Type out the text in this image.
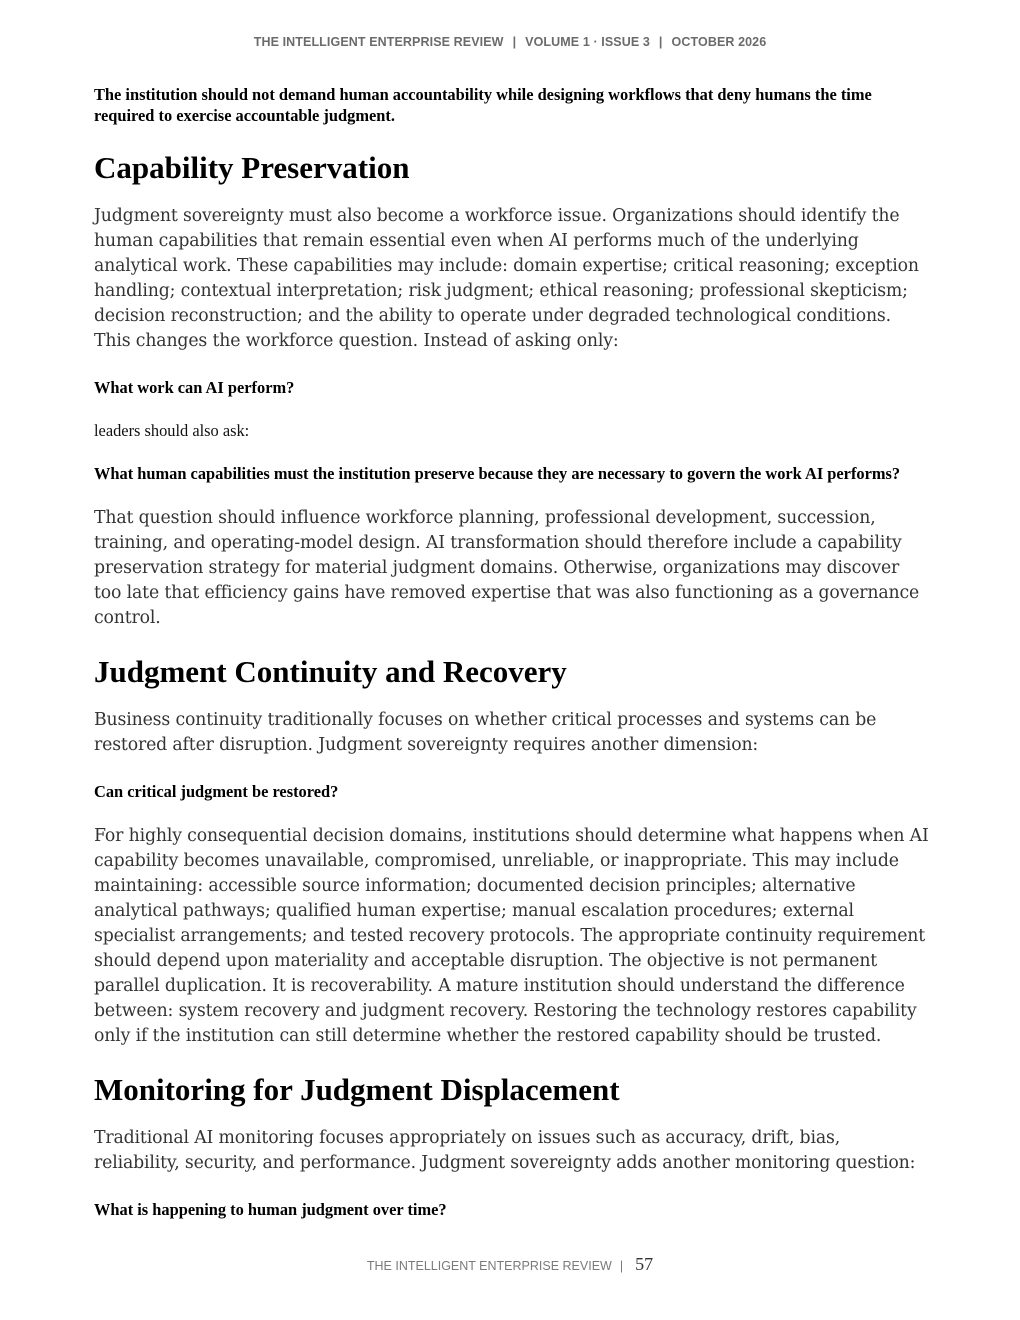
THE INTELLIGENT ENTERPRISE REVIEW | VOLUME 1 · ISSUE 3 | OCTOBER 2026

The institution should not demand human accountability while designing workflows that deny humans the time required to exercise accountable judgment.

Capability Preservation

Judgment sovereignty must also become a workforce issue. Organizations should identify the human capabilities that remain essential even when AI performs much of the underlying analytical work. These capabilities may include: domain expertise; critical reasoning; exception handling; contextual interpretation; risk judgment; ethical reasoning; professional skepticism; decision reconstruction; and the ability to operate under degraded technological conditions. This changes the workforce question. Instead of asking only:

What work can AI perform?

leaders should also ask:

What human capabilities must the institution preserve because they are necessary to govern the work AI performs?

That question should influence workforce planning, professional development, succession, training, and operating-model design. AI transformation should therefore include a capability preservation strategy for material judgment domains. Otherwise, organizations may discover too late that efficiency gains have removed expertise that was also functioning as a governance control.

Judgment Continuity and Recovery

Business continuity traditionally focuses on whether critical processes and systems can be restored after disruption. Judgment sovereignty requires another dimension:

Can critical judgment be restored?

For highly consequential decision domains, institutions should determine what happens when AI capability becomes unavailable, compromised, unreliable, or inappropriate. This may include maintaining: accessible source information; documented decision principles; alternative analytical pathways; qualified human expertise; manual escalation procedures; external specialist arrangements; and tested recovery protocols. The appropriate continuity requirement should depend upon materiality and acceptable disruption. The objective is not permanent parallel duplication. It is recoverability. A mature institution should understand the difference between: system recovery and judgment recovery. Restoring the technology restores capability only if the institution can still determine whether the restored capability should be trusted.

Monitoring for Judgment Displacement

Traditional AI monitoring focuses appropriately on issues such as accuracy, drift, bias, reliability, security, and performance. Judgment sovereignty adds another monitoring question:

What is happening to human judgment over time?

THE INTELLIGENT ENTERPRISE REVIEW | 57
